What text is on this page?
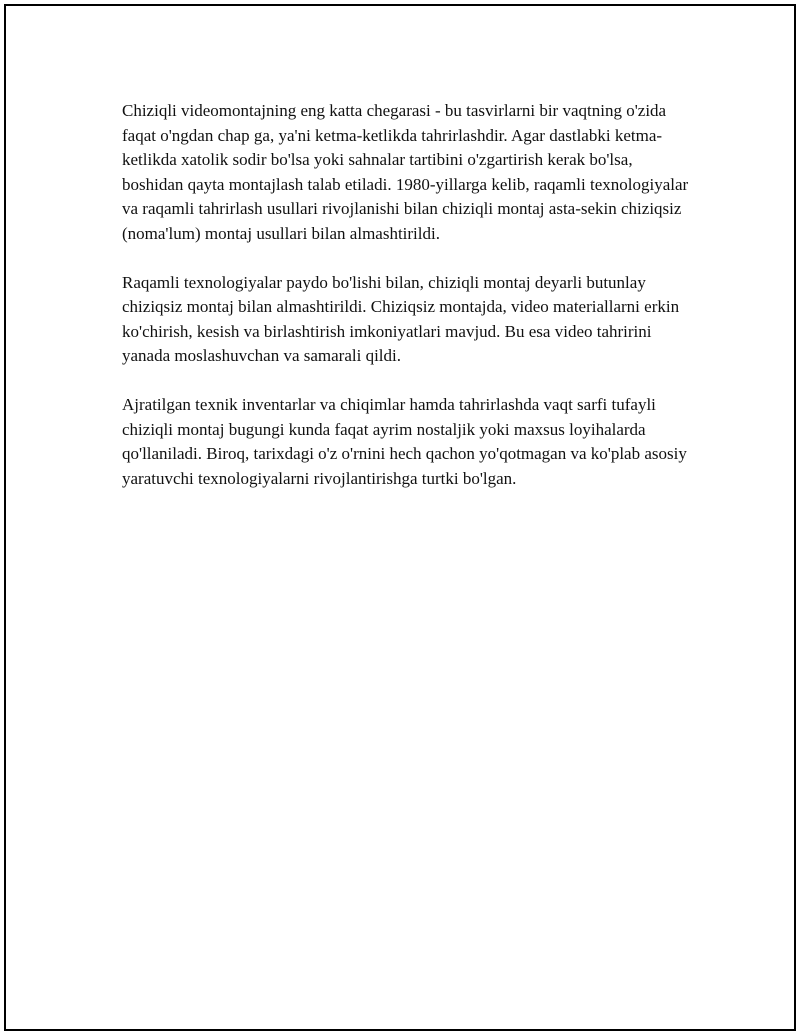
Chiziqli videomontajning eng katta chegarasi - bu tasvirlarni bir vaqtning o'zida faqat o'ngdan chap ga, ya'ni ketma-ketlikda tahrirlashdir. Agar dastlabki ketma-ketlikda xatolik sodir bo'lsa yoki sahnalar tartibini o'zgartirish kerak bo'lsa, boshidan qayta montajlash talab etiladi. 1980-yillarga kelib, raqamli texnologiyalar va raqamli tahrirlash usullari rivojlanishi bilan chiziqli montaj asta-sekin chiziqsiz (noma'lum) montaj usullari bilan almashtirildi.

Raqamli texnologiyalar paydo bo'lishi bilan, chiziqli montaj deyarli butunlay chiziqsiz montaj bilan almashtirildi. Chiziqsiz montajda, video materiallarni erkin ko'chirish, kesish va birlashtirish imkoniyatlari mavjud. Bu esa video tahririni yanada moslashuvchan va samarali qildi.

Ajratilgan texnik inventarlar va chiqimlar hamda tahrirlashda vaqt sarfi tufayli chiziqli montaj bugungi kunda faqat ayrim nostaljik yoki maxsus loyihalarda qo'llaniladi. Biroq, tarixdagi o'z o'rnini hech qachon yo'qotmagan va ko'plab asosiy yaratuvchi texnologiyalarni rivojlantirishga turtki bo'lgan.
